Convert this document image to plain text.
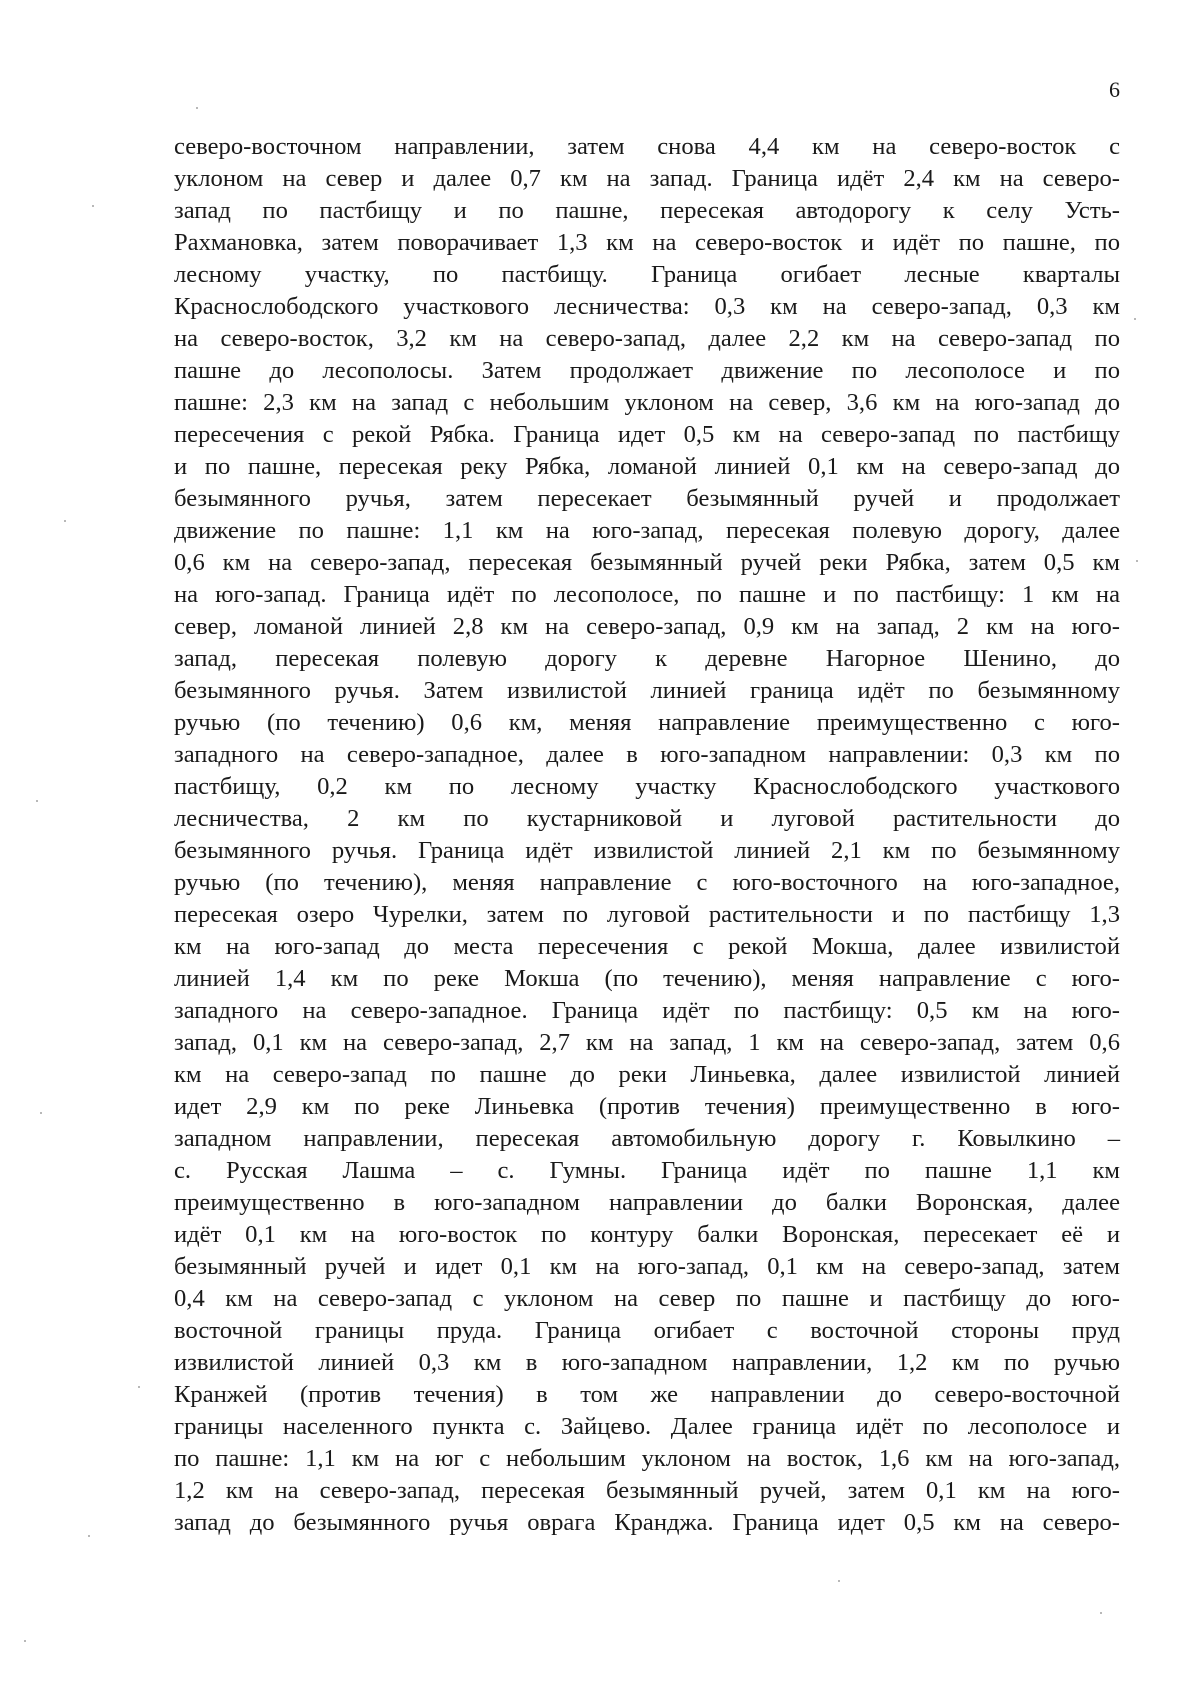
6
северо-восточном направлении, затем снова 4,4 км на северо-восток с
уклоном на север и далее 0,7 км на запад. Граница идёт 2,4 км на северо-
запад по пастбищу и по пашне, пересекая автодорогу к селу Усть-
Рахмановка, затем поворачивает 1,3 км на северо-восток и идёт по пашне, по
лесному участку, по пастбищу. Граница огибает лесные кварталы
Краснослободского участкового лесничества: 0,3 км на северо-запад, 0,3 км
на северо-восток, 3,2 км на северо-запад, далее 2,2 км на северо-запад по
пашне до лесополосы. Затем продолжает движение по лесополосе и по
пашне: 2,3 км на запад с небольшим уклоном на север, 3,6 км на юго-запад до
пересечения с рекой Рябка. Граница идет 0,5 км на северо-запад по пастбищу
и по пашне, пересекая реку Рябка, ломаной линией 0,1 км на северо-запад до
безымянного ручья, затем пересекает безымянный ручей и продолжает
движение по пашне: 1,1 км на юго-запад, пересекая полевую дорогу, далее
0,6 км на северо-запад, пересекая безымянный ручей реки Рябка, затем 0,5 км
на юго-запад. Граница идёт по лесополосе, по пашне и по пастбищу: 1 км на
север, ломаной линией 2,8 км на северо-запад, 0,9 км на запад, 2 км на юго-
запад, пересекая полевую дорогу к деревне Нагорное Шенино, до
безымянного ручья. Затем извилистой линией граница идёт по безымянному
ручью (по течению) 0,6 км, меняя направление преимущественно с юго-
западного на северо-западное, далее в юго-западном направлении: 0,3 км по
пастбищу, 0,2 км по лесному участку Краснослободского участкового
лесничества, 2 км по кустарниковой и луговой растительности до
безымянного ручья. Граница идёт извилистой линией 2,1 км по безымянному
ручью (по течению), меняя направление с юго-восточного на юго-западное,
пересекая озеро Чурелки, затем по луговой растительности и по пастбищу 1,3
км на юго-запад до места пересечения с рекой Мокша, далее извилистой
линией 1,4 км по реке Мокша (по течению), меняя направление с юго-
западного на северо-западное. Граница идёт по пастбищу: 0,5 км на юго-
запад, 0,1 км на северо-запад, 2,7 км на запад, 1 км на северо-запад, затем 0,6
км на северо-запад по пашне до реки Линьевка, далее извилистой линией
идет 2,9 км по реке Линьевка (против течения) преимущественно в юго-
западном направлении, пересекая автомобильную дорогу г. Ковылкино –
с. Русская Лашма – с. Гумны. Граница идёт по пашне 1,1 км
преимущественно в юго-западном направлении до балки Воронская, далее
идёт 0,1 км на юго-восток по контуру балки Воронская, пересекает её и
безымянный ручей и идет 0,1 км на юго-запад, 0,1 км на северо-запад, затем
0,4 км на северо-запад с уклоном на север по пашне и пастбищу до юго-
восточной границы пруда. Граница огибает с восточной стороны пруд
извилистой линией 0,3 км в юго-западном направлении, 1,2 км по ручью
Кранжей (против течения) в том же направлении до северо-восточной
границы населенного пункта с. Зайцево. Далее граница идёт по лесополосе и
по пашне: 1,1 км на юг с небольшим уклоном на восток, 1,6 км на юго-запад,
1,2 км на северо-запад, пересекая безымянный ручей, затем 0,1 км на юго-
запад до безымянного ручья оврага Кранджа. Граница идет 0,5 км на северо-
